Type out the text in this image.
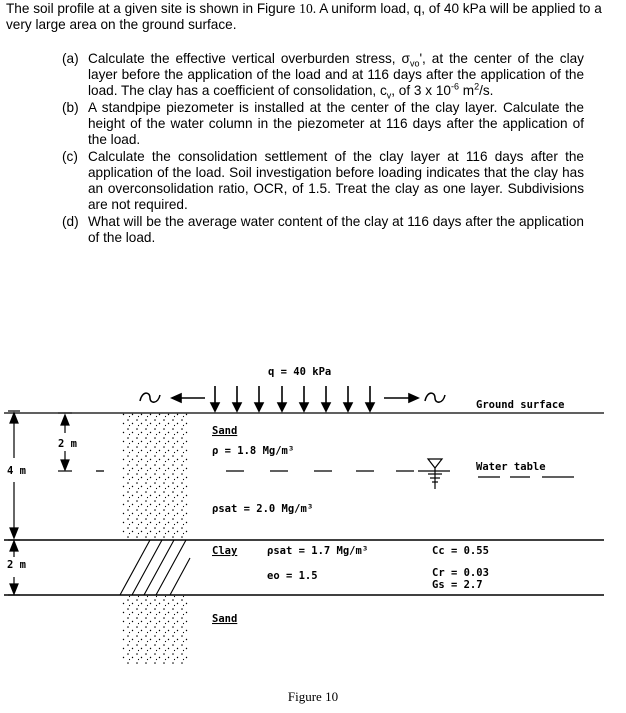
The soil profile at a given site is shown in Figure 10. A uniform load, q, of 40 kPa will be applied to a very large area on the ground surface.
(a) Calculate the effective vertical overburden stress, $\sigma_{vo}'$, at the center of the clay layer before the application of the load and at 116 days after the application of the load. The clay has a coefficient of consolidation, $c_v$, of 3 x $10^{-6}$ $m^2/s$.
(b) A standpipe piezometer is installed at the center of the clay layer. Calculate the height of the water column in the piezometer at 116 days after the application of the load.
(c) Calculate the consolidation settlement of the clay layer at 116 days after the application of the load. Soil investigation before loading indicates that the clay has an overconsolidation ratio, OCR, of 1.5. Treat the clay as one layer. Subdivisions are not required.
(d) What will be the average water content of the clay at 116 days after the application of the load.
q = 40 kPa
Ground surface
Water table
4 m
2 m
2 m
Sand
ρ = 1.8 Mg/m³
ρsat = 2.0 Mg/m³
Clay	ρsat = 1.7 Mg/m³
eo = 1.5
Cc = 0.55
Cr = 0.03
Gs = 2.7
Sand
Figure 10
